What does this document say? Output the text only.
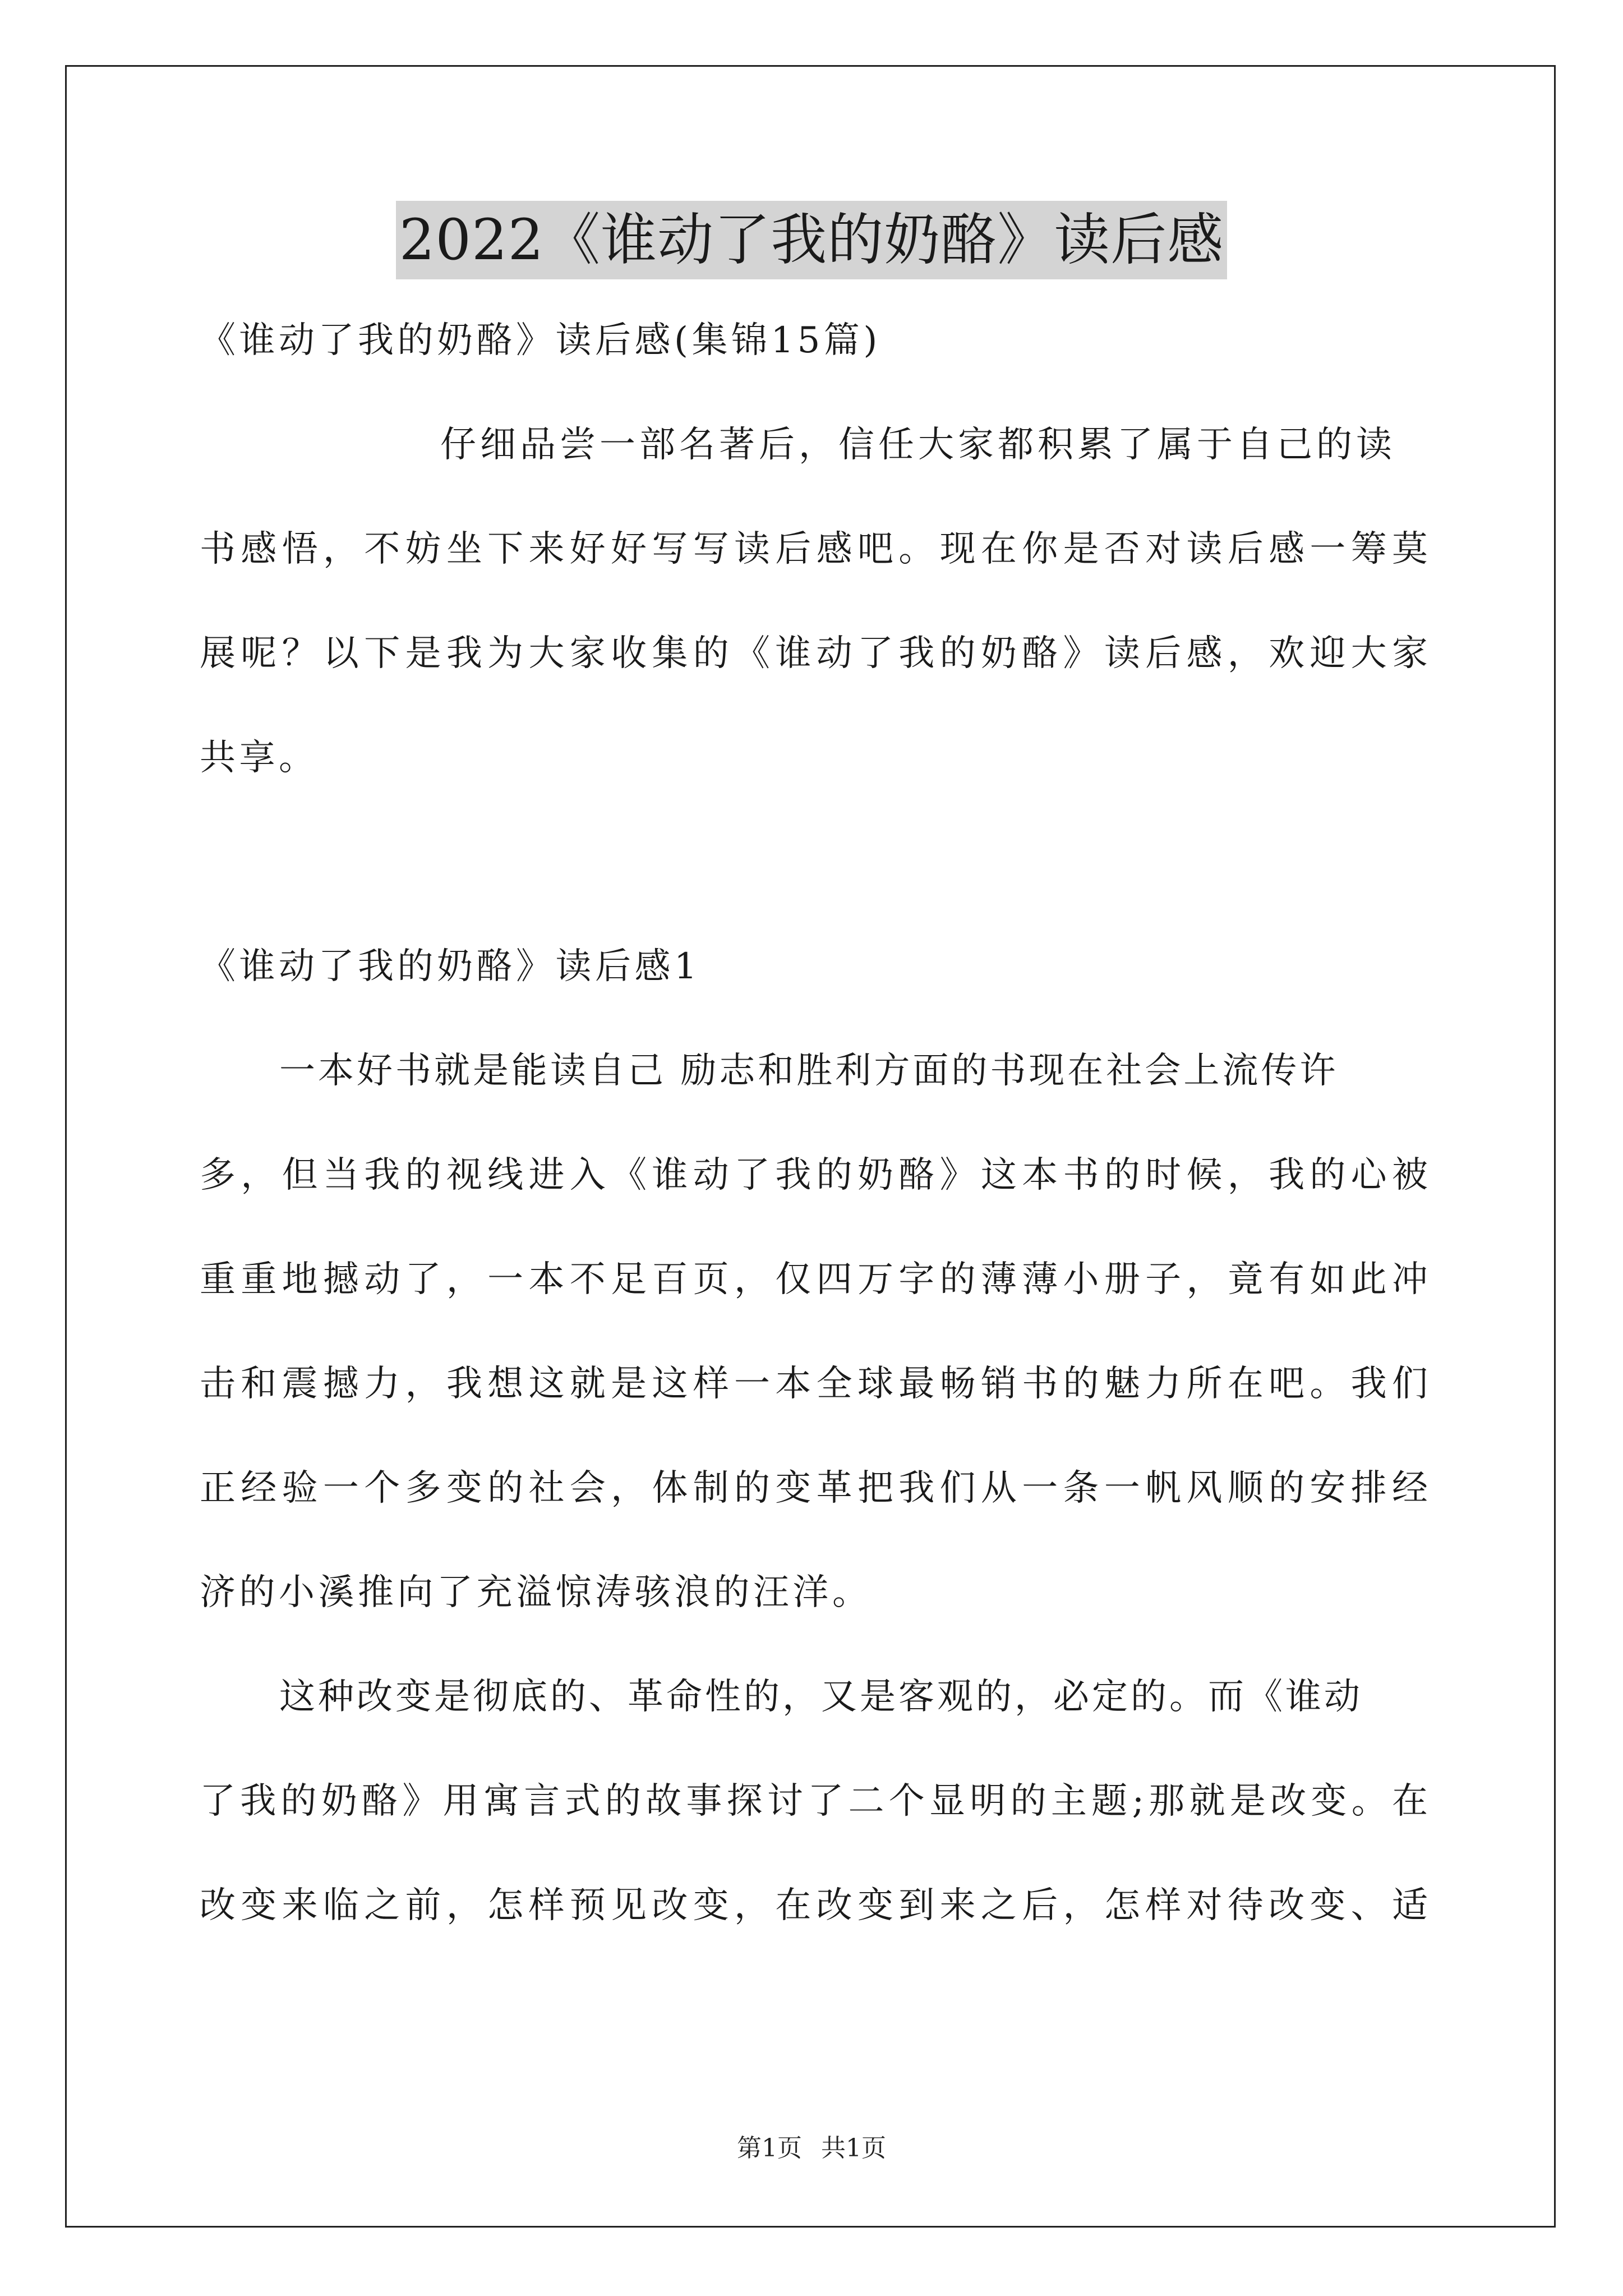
2022《谁动了我的奶酪》读后感
《谁动了我的奶酪》读后感(集锦15篇)
仔细品尝一部名著后，信任大家都积累了属于自己的读
书感悟，不妨坐下来好好写写读后感吧。现在你是否对读后感一筹莫
展呢？以下是我为大家收集的《谁动了我的奶酪》读后感，欢迎大家
共享。
《谁动了我的奶酪》读后感1
一本好书就是能读自己 励志和胜利方面的书现在社会上流传许
多，但当我的视线进入《谁动了我的奶酪》这本书的时候，我的心被
重重地撼动了，一本不足百页，仅四万字的薄薄小册子，竟有如此冲
击和震撼力，我想这就是这样一本全球最畅销书的魅力所在吧。我们
正经验一个多变的社会，体制的变革把我们从一条一帆风顺的安排经
济的小溪推向了充溢惊涛骇浪的汪洋。
这种改变是彻底的、革命性的，又是客观的，必定的。而《谁动
了我的奶酪》用寓言式的故事探讨了二个显明的主题;那就是改变。在
改变来临之前，怎样预见改变，在改变到来之后，怎样对待改变、适
第1页 共1页
